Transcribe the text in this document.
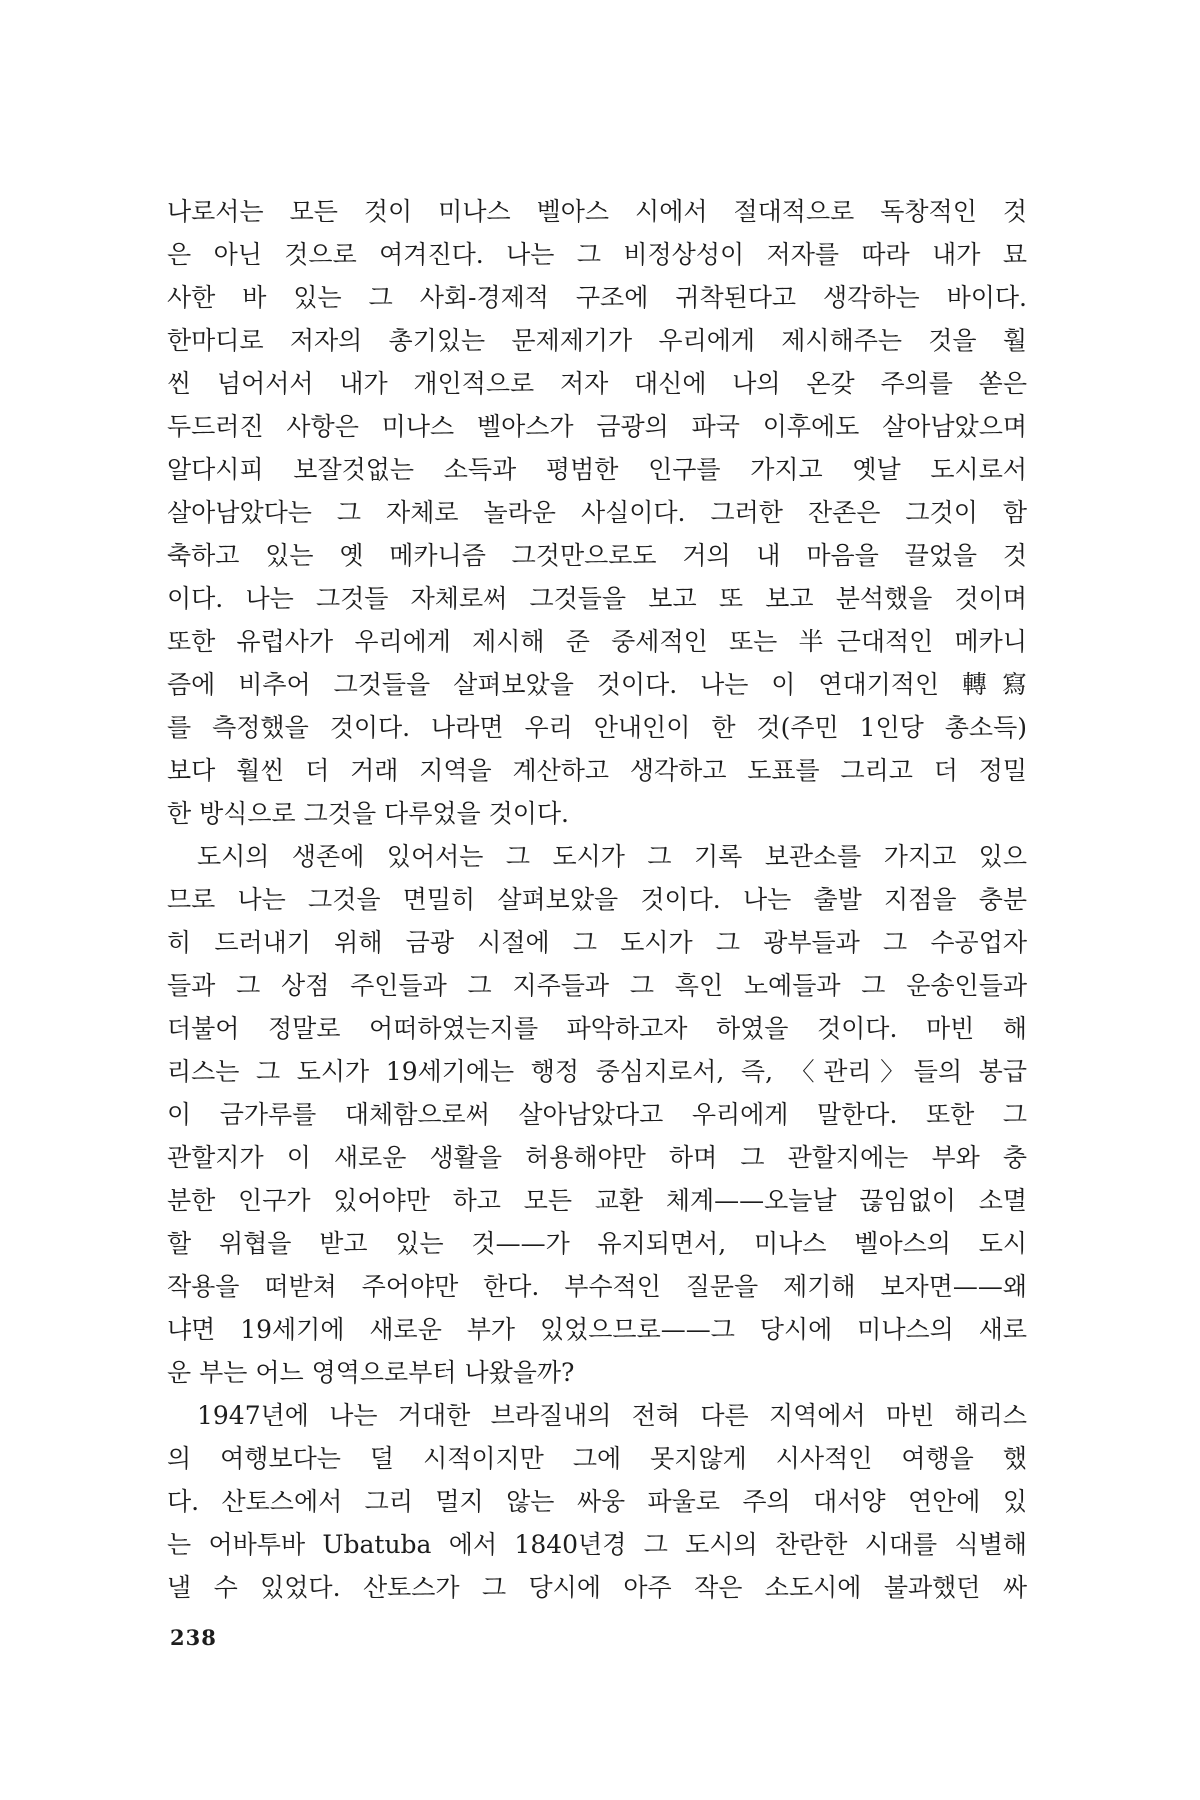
나로서는 모든 것이 미나스 벨아스 시에서 절대적으로 독창적인 것
은 아닌 것으로 여겨진다. 나는 그 비정상성이 저자를 따라 내가 묘
사한 바 있는 그 사회-경제적 구조에 귀착된다고 생각하는 바이다.
한마디로 저자의 총기있는 문제제기가 우리에게 제시해주는 것을 훨
씬 넘어서서 내가 개인적으로 저자 대신에 나의 온갖 주의를 쏟은
두드러진 사항은 미나스 벨아스가 금광의 파국 이후에도 살아남았으며
알다시피 보잘것없는 소득과 평범한 인구를 가지고 옛날 도시로서
살아남았다는 그 자체로 놀라운 사실이다. 그러한 잔존은 그것이 함
축하고 있는 옛 메카니즘 그것만으로도 거의 내 마음을 끌었을 것
이다. 나는 그것들 자체로써 그것들을 보고 또 보고 분석했을 것이며
또한 유럽사가 우리에게 제시해 준 중세적인 또는 半근대적인 메카니
즘에 비추어 그것들을 살펴보았을 것이다. 나는 이 연대기적인 轉寫
를 측정했을 것이다. 나라면 우리 안내인이 한 것(주민 1인당 총소득)
보다 훨씬 더 거래 지역을 계산하고 생각하고 도표를 그리고 더 정밀
한 방식으로 그것을 다루었을 것이다.
도시의 생존에 있어서는 그 도시가 그 기록 보관소를 가지고 있으
므로 나는 그것을 면밀히 살펴보았을 것이다. 나는 출발 지점을 충분
히 드러내기 위해 금광 시절에 그 도시가 그 광부들과 그 수공업자
들과 그 상점 주인들과 그 지주들과 그 흑인 노예들과 그 운송인들과
더불어 정말로 어떠하였는지를 파악하고자 하였을 것이다. 마빈 해
리스는 그 도시가 19세기에는 행정 중심지로서, 즉, 〈관리〉들의 봉급
이 금가루를 대체함으로써 살아남았다고 우리에게 말한다. 또한 그
관할지가 이 새로운 생활을 허용해야만 하며 그 관할지에는 부와 충
분한 인구가 있어야만 하고 모든 교환 체계——오늘날 끊임없이 소멸
할 위협을 받고 있는 것——가 유지되면서, 미나스 벨아스의 도시
작용을 떠받쳐 주어야만 한다. 부수적인 질문을 제기해 보자면——왜
냐면 19세기에 새로운 부가 있었으므로——그 당시에 미나스의 새로
운 부는 어느 영역으로부터 나왔을까?
1947년에 나는 거대한 브라질내의 전혀 다른 지역에서 마빈 해리스
의 여행보다는 덜 시적이지만 그에 못지않게 시사적인 여행을 했
다. 산토스에서 그리 멀지 않는 싸웅 파울로 주의 대서양 연안에 있
는 어바투바 Ubatuba 에서 1840년경 그 도시의 찬란한 시대를 식별해
낼 수 있었다. 산토스가 그 당시에 아주 작은 소도시에 불과했던 싸
238
